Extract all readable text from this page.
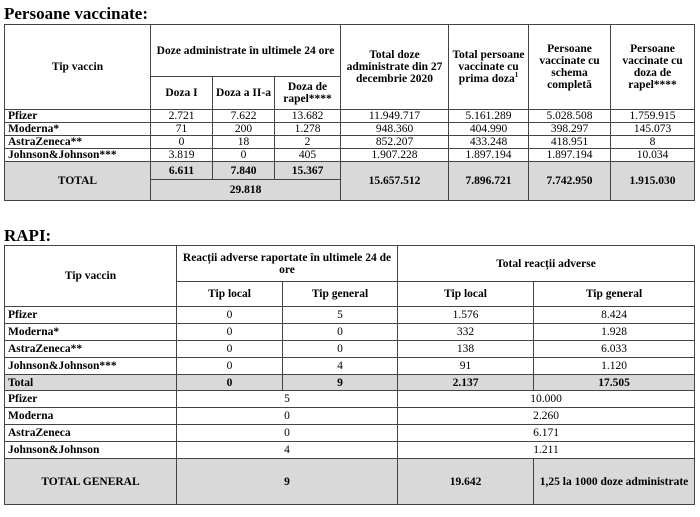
Persoane vaccinate:
Tip vaccin	Doze administrate în ultimele 24 ore			Total doze administrate din 27 decembrie 2020	Total persoane vaccinate cu prima doza$^1$	Persoane vaccinate cu schema completă	Persoane vaccinate cu doza de rapel****
	Doza I	Doza a II-a	Doza de rapel****				
Pfizer	2.721	7.622	13.682	11.949.717	5.161.289	5.028.508	1.759.915
Moderna*	71	200	1.278	948.360	404.990	398.297	145.073
AstraZeneca**	0	18	2	852.207	433.248	418.951	8
Johnson&Johnson***	3.819	0	405	1.907.228	1.897.194	1.897.194	10.034
TOTAL	6.611	7.840	15.367	15.657.512	7.896.721	7.742.950	1.915.030
	29.818						
RAPI:
Tip vaccin	Reacții adverse raportate în ultimele 24 de ore		Total reacții adverse	
	Tip local	Tip general	Tip local	Tip general
Pfizer	0	5	1.576	8.424
Moderna*	0	0	332	1.928
AstraZeneca**	0	0	138	6.033
Johnson&Johnson***	0	4	91	1.120
Total	0	9	2.137	17.505
Pfizer	5		10.000	
Moderna	0		2.260	
AstraZeneca	0		6.171	
Johnson&Johnson	4		1.211	
TOTAL GENERAL	9		19.642	1,25 la 1000 doze administrate
